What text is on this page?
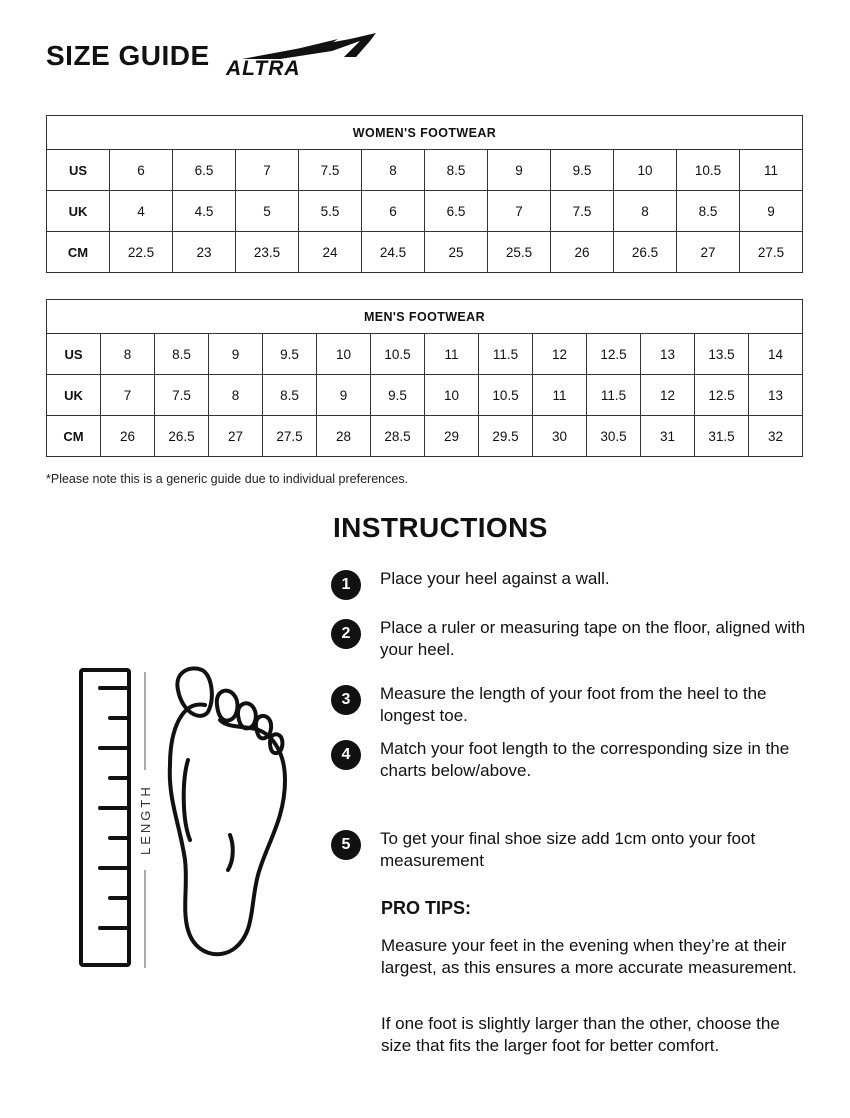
SIZE GUIDE ALTRA
WOMEN'S FOOTWEAR											
US	6	6.5	7	7.5	8	8.5	9	9.5	10	10.5	11
UK	4	4.5	5	5.5	6	6.5	7	7.5	8	8.5	9
CM	22.5	23	23.5	24	24.5	25	25.5	26	26.5	27	27.5
MEN'S FOOTWEAR													
US	8	8.5	9	9.5	10	10.5	11	11.5	12	12.5	13	13.5	14
UK	7	7.5	8	8.5	9	9.5	10	10.5	11	11.5	12	12.5	13
CM	26	26.5	27	27.5	28	28.5	29	29.5	30	30.5	31	31.5	32

*Please note this is a generic guide due to individual preferences.

LENGTH
INSTRUCTIONS
1	Place your heel against a wall.
2	Place a ruler or measuring tape on the floor, aligned with your heel.
3	Measure the length of your foot from the heel to the longest toe.
4	Match your foot length to the corresponding size in the charts below/above.
5	To get your final shoe size add 1cm onto your foot measurement
PRO TIPS:

Measure your feet in the evening when they’re at their largest, as this ensures a more accurate measurement.

If one foot is slightly larger than the other, choose the size that fits the larger foot for better comfort.
